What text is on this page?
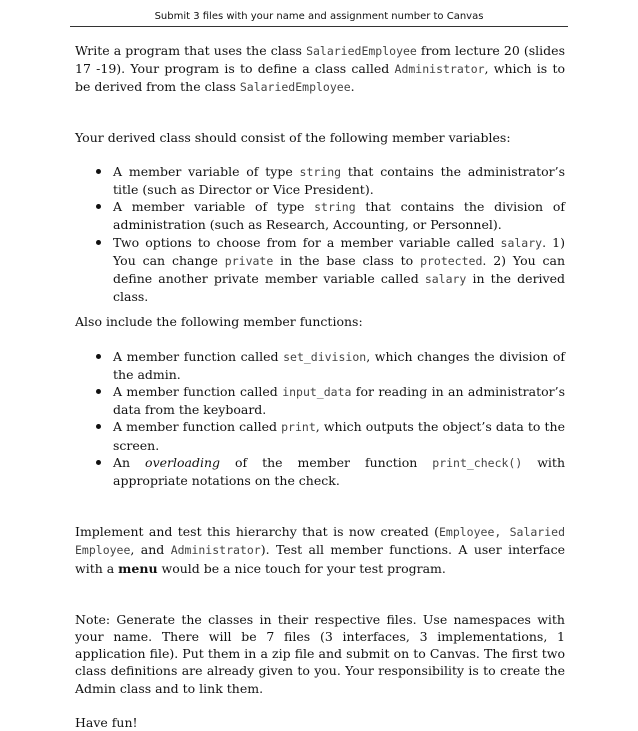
Submit 3 files with your name and assignment number to Canvas

Write a program that uses the class SalariedEmployee from lecture 20 (slides 17 -19). Your program is to define a class called Administrator, which is to be derived from the class SalariedEmployee.

Your derived class should consist of the following member variables:

A member variable of type string that contains the administrator’s title (such as Director or Vice President).
A member variable of type string that contains the division of administration (such as Research, Accounting, or Personnel).
Two options to choose from for a member variable called salary. 1) You can change private in the base class to protected. 2) You can define another private member variable called salary in the derived class.

Also include the following member functions:

A member function called set_division, which changes the division of the admin.
A member function called input_data for reading in an administrator’s data from the keyboard.
A member function called print, which outputs the object’s data to the screen.
An overloading of the member function print_check() with appropriate notations on the check.

Implement and test this hierarchy that is now created (Employee, Salaried Employee, and Administrator). Test all member functions. A user interface with a menu would be a nice touch for your test program.

Note: Generate the classes in their respective files. Use namespaces with your name. There will be 7 files (3 interfaces, 3 implementations, 1 application file). Put them in a zip file and submit on to Canvas. The first two class definitions are already given to you. Your responsibility is to create the Admin class and to link them.

Have fun!
